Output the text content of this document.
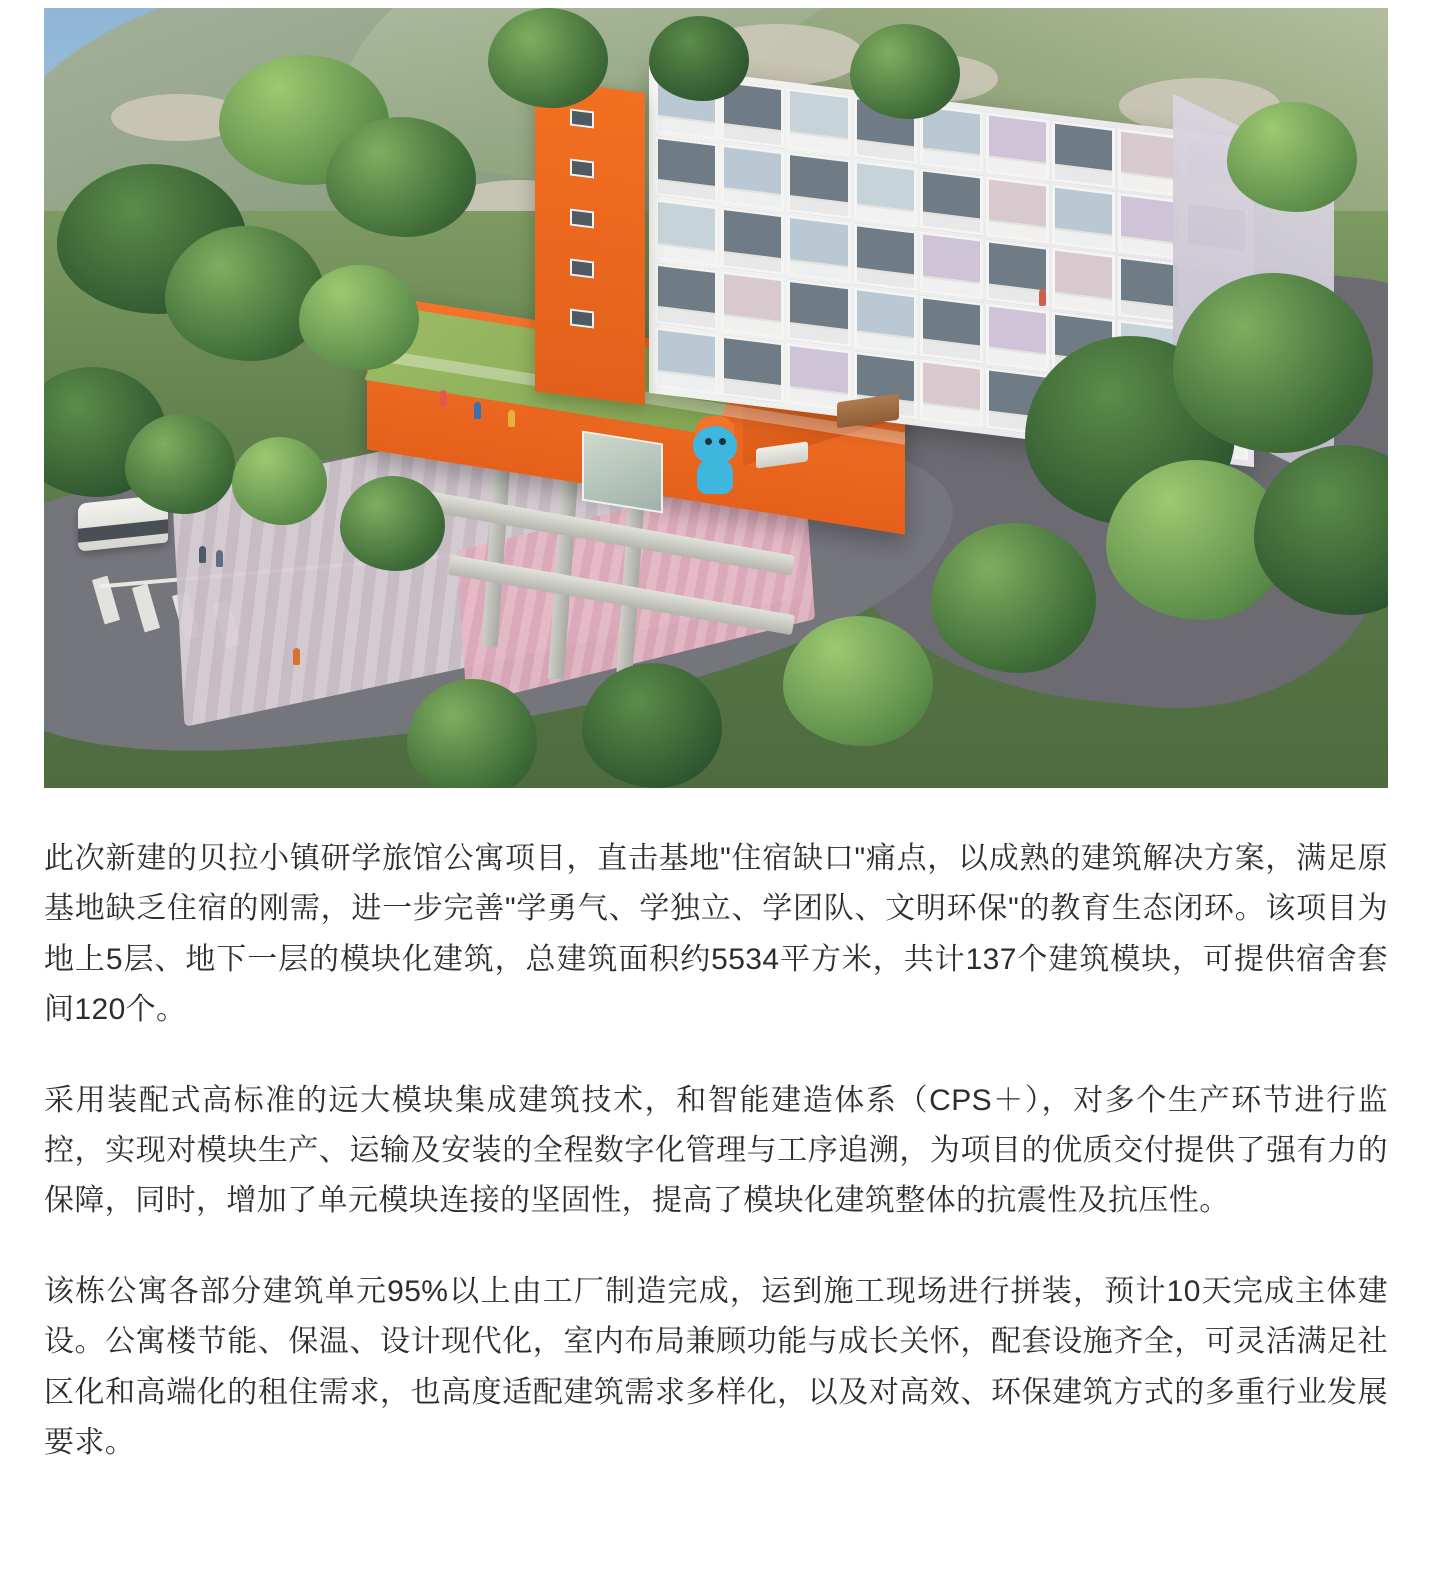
此次新建的贝拉小镇研学旅馆公寓项目，直击基地"住宿缺口"痛点，以成熟的建筑解决方案，满足原基地缺乏住宿的刚需，进一步完善"学勇气、学独立、学团队、文明环保"的教育生态闭环。该项目为地上5层、地下一层的模块化建筑，总建筑面积约5534平方米，共计137个建筑模块，可提供宿舍套间120个。

采用装配式高标准的远大模块集成建筑技术，和智能建造体系（CPS＋），对多个生产环节进行监控，实现对模块生产、运输及安装的全程数字化管理与工序追溯，为项目的优质交付提供了强有力的保障，同时，增加了单元模块连接的坚固性，提高了模块化建筑整体的抗震性及抗压性。

该栋公寓各部分建筑单元95%以上由工厂制造完成，运到施工现场进行拼装，预计10天完成主体建设。公寓楼节能、保温、设计现代化，室内布局兼顾功能与成长关怀，配套设施齐全，可灵活满足社区化和高端化的租住需求，也高度适配建筑需求多样化，以及对高效、环保建筑方式的多重行业发展要求。
